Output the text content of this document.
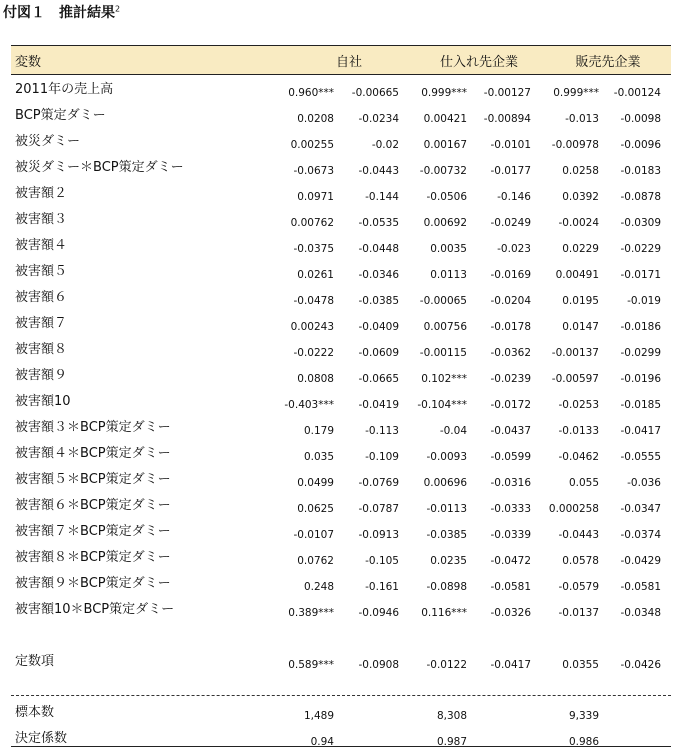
付図１　推計結果$^2$
変数	自社	仕入れ先企業	販売先企業
2011年の売上高	0.960*** -0.00665 0.999*** -0.00127 0.999*** -0.00124
BCP策定ダミー	0.0208 -0.0234 0.00421 -0.00894	-0.013 -0.0098
被災ダミー	0.00255	-0.02 0.00167 -0.0101 -0.00978 -0.0096
被災ダミー＊BCP策定ダミー	-0.0673 -0.0443 -0.00732 -0.0177	0.0258 -0.0183
被害額２	0.0971	-0.144	-0.0506	-0.146	0.0392 -0.0878
被害額３	0.00762 -0.0535 0.00692 -0.0249	-0.0024 -0.0309
被害額４	-0.0375 -0.0448	0.0035	-0.023	0.0229 -0.0229
被害額５	0.0261 -0.0346	0.0113 -0.0169 0.00491 -0.0171
被害額６	-0.0478 -0.0385 -0.00065 -0.0204	0.0195	-0.019
被害額７	0.00243 -0.0409 0.00756 -0.0178	0.0147 -0.0186
被害額８	-0.0222 -0.0609 -0.00115 -0.0362 -0.00137 -0.0299
被害額９	0.0808 -0.0665 0.102*** -0.0239 -0.00597 -0.0196
被害額10	-0.403*** -0.0419 -0.104*** -0.0172	-0.0253 -0.0185
被害額３＊BCP策定ダミー	0.179	-0.113	-0.04 -0.0437	-0.0133 -0.0417
被害額４＊BCP策定ダミー	0.035	-0.109	-0.0093 -0.0599	-0.0462 -0.0555
被害額５＊BCP策定ダミー	0.0499 -0.0769 0.00696 -0.0316	0.055	-0.036
被害額６＊BCP策定ダミー	0.0625 -0.0787	-0.0113 -0.0333 0.000258 -0.0347
被害額７＊BCP策定ダミー	-0.0107 -0.0913	-0.0385 -0.0339	-0.0443 -0.0374
被害額８＊BCP策定ダミー	0.0762	-0.105	0.0235 -0.0472	0.0578 -0.0429
被害額９＊BCP策定ダミー	0.248	-0.161	-0.0898 -0.0581	-0.0579 -0.0581
被害額10＊BCP策定ダミー	0.389*** -0.0946 0.116*** -0.0326	-0.0137 -0.0348
定数項	0.589*** -0.0908	-0.0122 -0.0417	0.0355 -0.0426
標本数	1,489	8,308	9,339
決定係数	0.94	0.987	0.986
